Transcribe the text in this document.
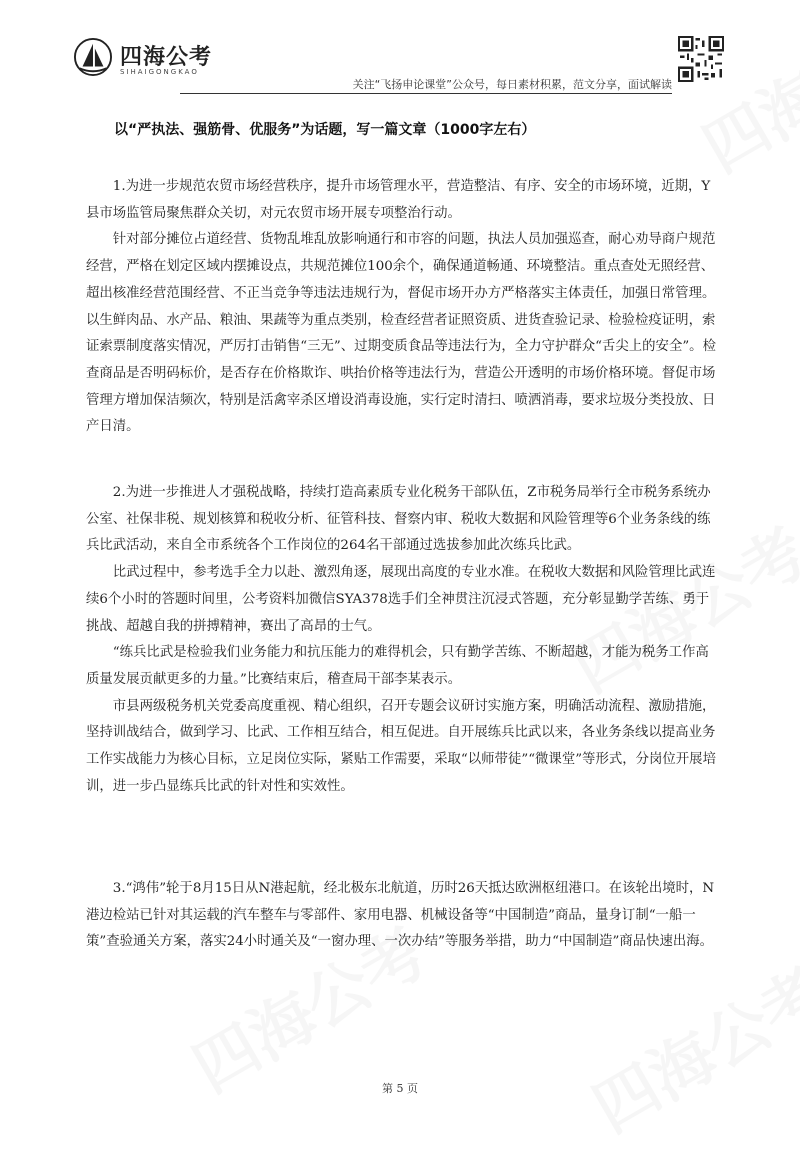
四海公考
SIHAIGONGKAO
关注“飞扬申论课堂”公众号，每日素材积累，范文分享，面试解读
以“严执法、强筋骨、优服务”为话题，写一篇文章（1000字左右）

1.为进一步规范农贸市场经营秩序，提升市场管理水平，营造整洁、有序、安全的市场环境，近期，Y县市场监管局聚焦群众关切，对元农贸市场开展专项整治行动。

针对部分摊位占道经营、货物乱堆乱放影响通行和市容的问题，执法人员加强巡查，耐心劝导商户规范经营，严格在划定区域内摆摊设点，共规范摊位100余个，确保通道畅通、环境整洁。重点查处无照经营、超出核准经营范围经营、不正当竞争等违法违规行为，督促市场开办方严格落实主体责任，加强日常管理。以生鲜肉品、水产品、粮油、果蔬等为重点类别，检查经营者证照资质、进货查验记录、检验检疫证明，索证索票制度落实情况，严厉打击销售“三无”、过期变质食品等违法行为，全力守护群众“舌尖上的安全”。检查商品是否明码标价，是否存在价格欺诈、哄抬价格等违法行为，营造公开透明的市场价格环境。督促市场管理方增加保洁频次，特别是活禽宰杀区增设消毒设施，实行定时清扫、喷洒消毒，要求垃圾分类投放、日产日清。

2.为进一步推进人才强税战略，持续打造高素质专业化税务干部队伍，Z市税务局举行全市税务系统办公室、社保非税、规划核算和税收分析、征管科技、督察内审、税收大数据和风险管理等6个业务条线的练兵比武活动，来自全市系统各个工作岗位的264名干部通过选拔参加此次练兵比武。

比武过程中，参考选手全力以赴、激烈角逐，展现出高度的专业水准。在税收大数据和风险管理比武连续6个小时的答题时间里，公考资料加微信SYA378选手们全神贯注沉浸式答题，充分彰显勤学苦练、勇于挑战、超越自我的拼搏精神，赛出了高昂的士气。

“练兵比武是检验我们业务能力和抗压能力的难得机会，只有勤学苦练、不断超越，才能为税务工作高质量发展贡献更多的力量。”比赛结束后，稽查局干部李某表示。

市县两级税务机关党委高度重视、精心组织，召开专题会议研讨实施方案，明确活动流程、激励措施，坚持训战结合，做到学习、比武、工作相互结合，相互促进。自开展练兵比武以来，各业务条线以提高业务工作实战能力为核心目标，立足岗位实际，紧贴工作需要，采取“以师带徒”“微课堂”等形式，分岗位开展培训，进一步凸显练兵比武的针对性和实效性。

3.“鸿伟”轮于8月15日从N港起航，经北极东北航道，历时26天抵达欧洲枢纽港口。在该轮出境时，N港边检站已针对其运载的汽车整车与零部件、家用电器、机械设备等“中国制造”商品，量身订制“一船一策”查验通关方案，落实24小时通关及“一窗办理、一次办结”等服务举措，助力“中国制造”商品快速出海。

第 5 页
